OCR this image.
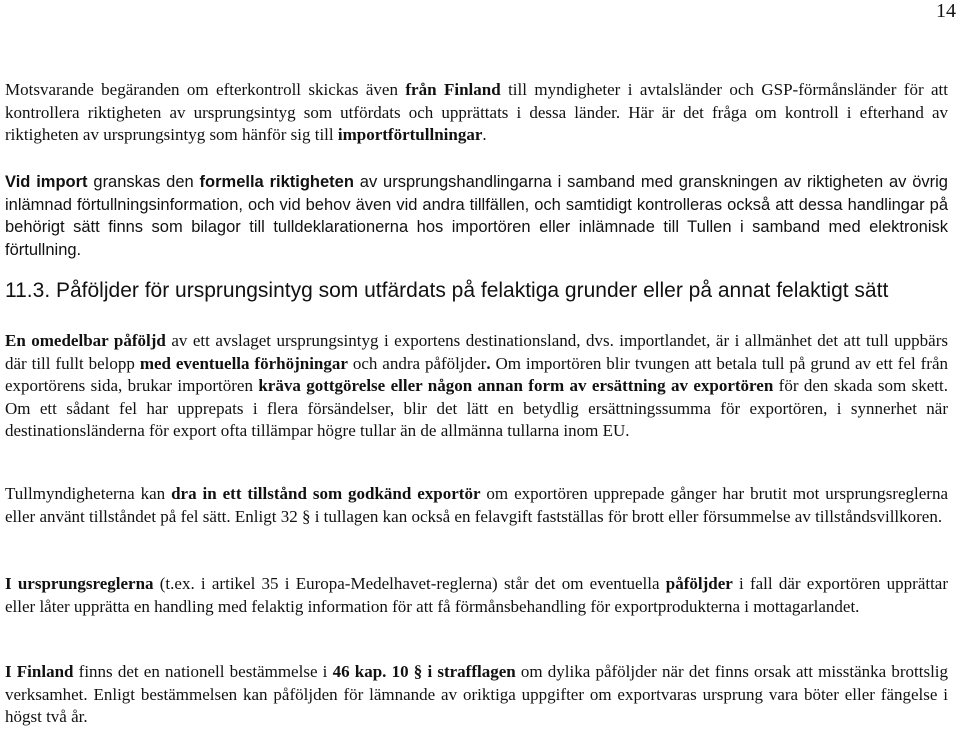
14

Motsvarande begäranden om efterkontroll skickas även från Finland till myndigheter i avtalsländer och GSP-förmånsländer för att kontrollera riktigheten av ursprungsintyg som utfördats och upprättats i dessa länder. Här är det fråga om kontroll i efterhand av riktigheten av ursprungsintyg som hänför sig till importförtullningar.

Vid import granskas den formella riktigheten av ursprungshandlingarna i samband med granskningen av riktigheten av övrig inlämnad förtullningsinformation, och vid behov även vid andra tillfällen, och samtidigt kontrolleras också att dessa handlingar på behörigt sätt finns som bilagor till tulldeklarationerna hos importören eller inlämnade till Tullen i samband med elektronisk förtullning.

11.3. Påföljder för ursprungsintyg som utfärdats på felaktiga grunder eller på annat felaktigt sätt

En omedelbar påföljd av ett avslaget ursprungsintyg i exportens destinationsland, dvs. importlandet, är i allmänhet det att tull uppbärs där till fullt belopp med eventuella förhöjningar och andra påföljder. Om importören blir tvungen att betala tull på grund av ett fel från exportörens sida, brukar importören kräva gottgörelse eller någon annan form av ersättning av exportören för den skada som skett. Om ett sådant fel har upprepats i flera försändelser, blir det lätt en betydlig ersättningssumma för exportören, i synnerhet när destinationsländerna för export ofta tillämpar högre tullar än de allmänna tullarna inom EU.

Tullmyndigheterna kan dra in ett tillstånd som godkänd exportör om exportören upprepade gånger har brutit mot ursprungsreglerna eller använt tillståndet på fel sätt. Enligt 32 § i tullagen kan också en felavgift fastställas för brott eller försummelse av tillståndsvillkoren.

I ursprungsreglerna (t.ex. i artikel 35 i Europa-Medelhavet-reglerna) står det om eventuella påföljder i fall där exportören upprättar eller låter upprätta en handling med felaktig information för att få förmånsbehandling för exportprodukterna i mottagarlandet.

I Finland finns det en nationell bestämmelse i 46 kap. 10 § i strafflagen om dylika påföljder när det finns orsak att misstänka brottslig verksamhet. Enligt bestämmelsen kan påföljden för lämnande av oriktiga uppgifter om exportvaras ursprung vara böter eller fängelse i högst två år.
